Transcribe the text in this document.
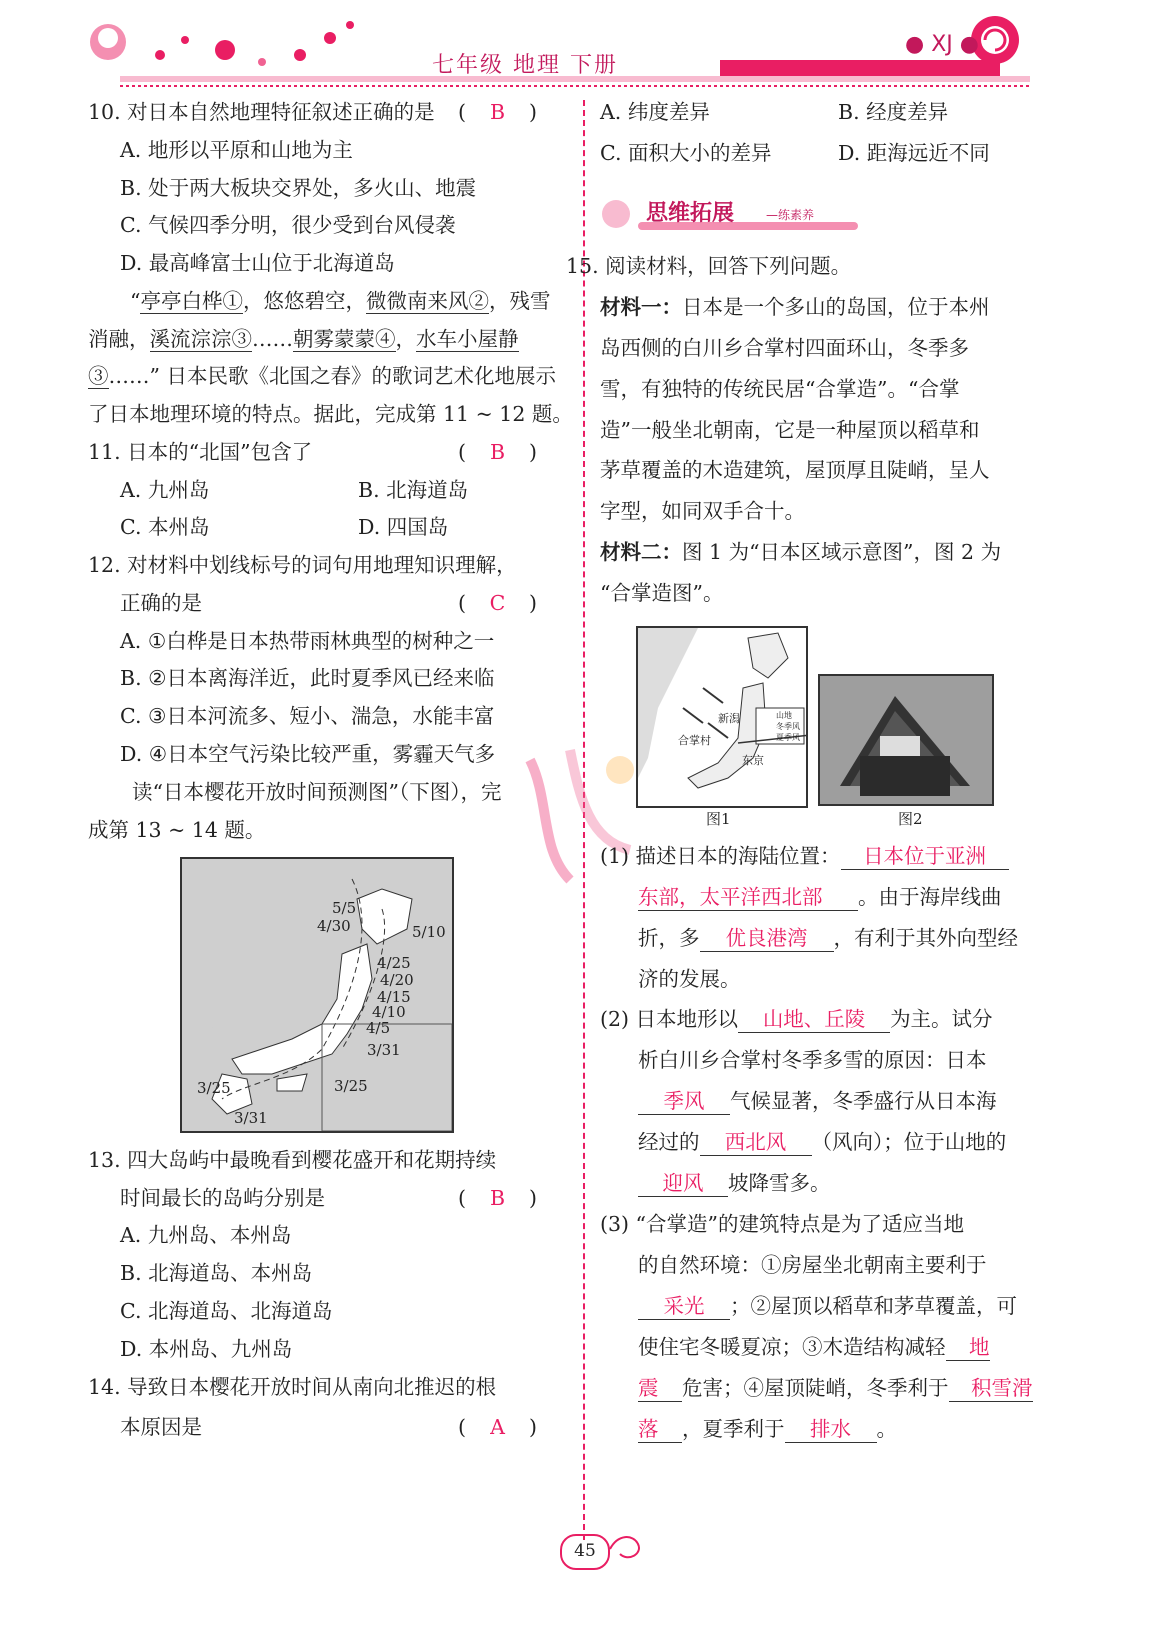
七年级 地理 下册
● XJ ●
10. 对日本自然地理特征叙述正确的是 ( B )
A. 地形以平原和山地为主
B. 处于两大板块交界处，多火山、地震
C. 气候四季分明，很少受到台风侵袭
D. 最高峰富士山位于北海道岛
“亭亭白桦①，悠悠碧空，微微南来风②，残雪
消融，溪流淙淙③……朝雾蒙蒙④，水车小屋静
③……” 日本民歌《北国之春》的歌词艺术化地展示
了日本地理环境的特点。据此，完成第 11 ~ 12 题。
11. 日本的“北国”包含了	( B )
A. 九州岛	B. 北海道岛
C. 本州岛	D. 四国岛
12. 对材料中划线标号的词句用地理知识理解，
正确的是	( C )
A. ①白桦是日本热带雨林典型的树种之一
B. ②日本离海洋近，此时夏季风已经来临
C. ③日本河流多、短小、湍急，水能丰富
D. ④日本空气污染比较严重，雾霾天气多
读“日本樱花开放时间预测图”（下图），完
成第 13 ~ 14 题。
5/5
4/30	5/10
4/25
4/20
4/15
4/10
4/5
3/31
3/25
3/25
3/31
13. 四大岛屿中最晚看到樱花盛开和花期持续
时间最长的岛屿分别是	( B )
A. 九州岛、本州岛
B. 北海道岛、本州岛
C. 北海道岛、北海道岛
D. 本州岛、九州岛
14. 导致日本樱花开放时间从南向北推迟的根
本原因是	( A )
A. 纬度差异	B. 经度差异
C. 面积大小的差异	D. 距海远近不同
思维拓展	—练素养
15. 阅读材料，回答下列问题。
材料一：日本是一个多山的岛国，位于本州
岛西侧的白川乡合掌村四面环山，冬季多
雪，有独特的传统民居“合掌造”。“合掌
造”一般坐北朝南，它是一种屋顶以稻草和
茅草覆盖的木造建筑，屋顶厚且陡峭，呈人
字型，如同双手合十。
材料二：图 1 为“日本区域示意图”，图 2 为
“合掌造图”。
新潟
合掌村
东京
山地
冬季风
夏季风
图1	图2
(1) 描述日本的海陆位置： 日本位于亚洲
东部，太平洋西北部 。由于海岸线曲
折，多 优良港湾 ，有利于其外向型经
济的发展。
(2) 日本地形以 山地、丘陵 为主。试分
析白川乡合掌村冬季多雪的原因：日本
季风 气候显著，冬季盛行从日本海
经过的 西北风 （风向）；位于山地的
迎风 坡降雪多。
(3) “合掌造”的建筑特点是为了适应当地
的自然环境：①房屋坐北朝南主要利于
采光 ；②屋顶以稻草和茅草覆盖，可
使住宅冬暖夏凉；③木造结构减轻 地
震 危害；④屋顶陡峭，冬季利于 积雪滑
落 ，夏季利于 排水 。
45
